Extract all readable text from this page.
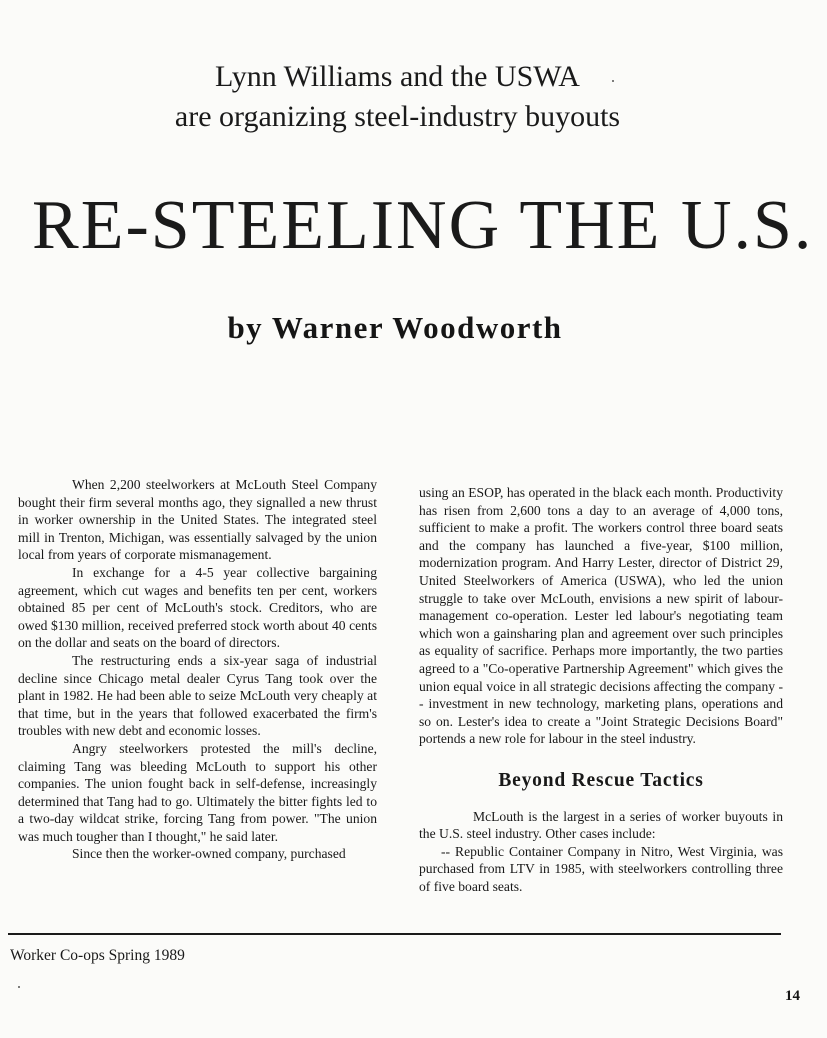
Lynn Williams and the USWA
are organizing steel-industry buyouts
RE-STEELING THE U.S.
by Warner Woodworth

When 2,200 steelworkers at McLouth Steel Company bought their firm several months ago, they signalled a new thrust in worker ownership in the United States. The integrated steel mill in Trenton, Michigan, was essentially salvaged by the union local from years of corporate mismanagement.

In exchange for a 4-5 year collective bargaining agreement, which cut wages and benefits ten per cent, workers obtained 85 per cent of McLouth's stock. Creditors, who are owed $130 million, received preferred stock worth about 40 cents on the dollar and seats on the board of directors.

The restructuring ends a six-year saga of industrial decline since Chicago metal dealer Cyrus Tang took over the plant in 1982. He had been able to seize McLouth very cheaply at that time, but in the years that followed exacerbated the firm's troubles with new debt and economic losses.

Angry steelworkers protested the mill's decline, claiming Tang was bleeding McLouth to support his other companies. The union fought back in self-defense, increasingly determined that Tang had to go. Ultimately the bitter fights led to a two-day wildcat strike, forcing Tang from power. "The union was much tougher than I thought," he said later.

Since then the worker-owned company, purchased

using an ESOP, has operated in the black each month. Productivity has risen from 2,600 tons a day to an average of 4,000 tons, sufficient to make a profit. The workers control three board seats and the company has launched a five-year, $100 million, modernization program. And Harry Lester, director of District 29, United Steelworkers of America (USWA), who led the union struggle to take over McLouth, envisions a new spirit of labour-management co-operation. Lester led labour's negotiating team which won a gainsharing plan and agreement over such principles as equality of sacrifice. Perhaps more importantly, the two parties agreed to a "Co-operative Partnership Agreement" which gives the union equal voice in all strategic decisions affecting the company -- investment in new technology, marketing plans, operations and so on. Lester's idea to create a "Joint Strategic Decisions Board" portends a new role for labour in the steel industry.

Beyond Rescue Tactics

McLouth is the largest in a series of worker buyouts in the U.S. steel industry. Other cases include:

-- Republic Container Company in Nitro, West Virginia, was purchased from LTV in 1985, with steelworkers controlling three of five board seats.

Worker Co-ops Spring 1989
14
